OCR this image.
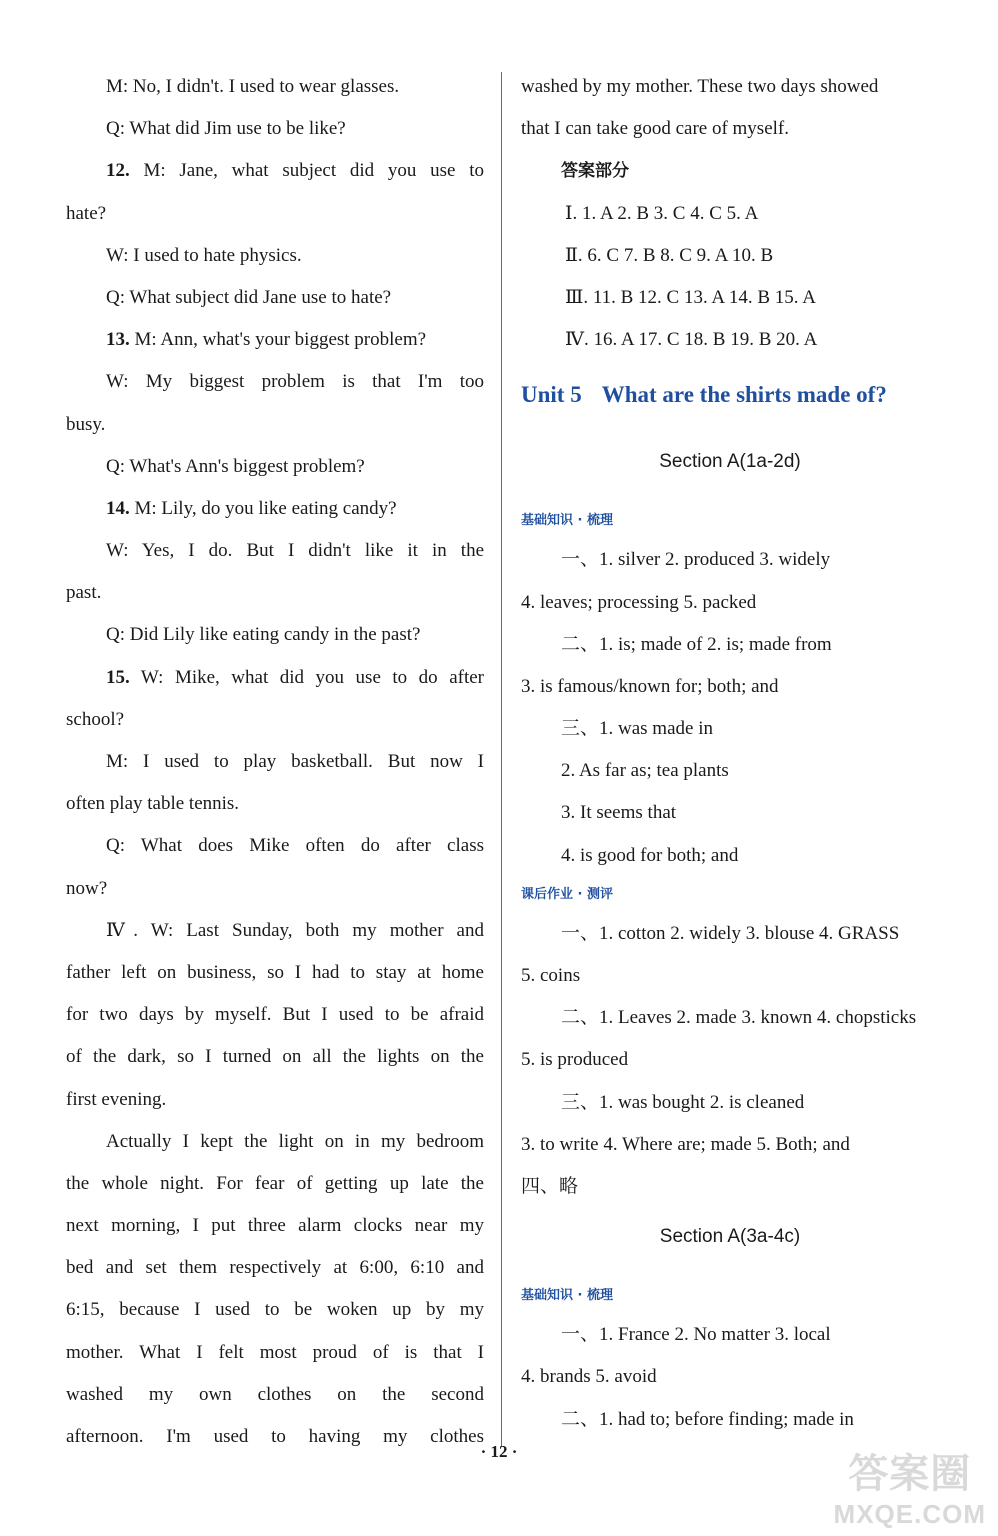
M: No, I didn't. I used to wear glasses.
Q: What did Jim use to be like?
12. M: Jane, what subject did you use to
hate?
W: I used to hate physics.
Q: What subject did Jane use to hate?
13. M: Ann, what's your biggest problem?
W: My biggest problem is that I'm too
busy.
Q: What's Ann's biggest problem?
14. M: Lily, do you like eating candy?
W: Yes, I do. But I didn't like it in the
past.
Q: Did Lily like eating candy in the past?
15. W: Mike, what did you use to do after
school?
M: I used to play basketball. But now I
often play table tennis.
Q: What does Mike often do after class
now?
Ⅳ. W: Last Sunday, both my mother and
father left on business, so I had to stay at home
for two days by myself. But I used to be afraid
of the dark, so I turned on all the lights on the
first evening.
Actually I kept the light on in my bedroom
the whole night. For fear of getting up late the
next morning, I put three alarm clocks near my
bed and set them respectively at 6:00, 6:10 and
6:15, because I used to be woken up by my
mother. What I felt most proud of is that I
washed my own clothes on the second
afternoon. I'm used to having my clothes
washed by my mother. These two days showed
that I can take good care of myself.
答案部分
Ⅰ. 1. A 2. B 3. C 4. C 5. A
Ⅱ. 6. C 7. B 8. C 9. A 10. B
Ⅲ. 11. B 12. C 13. A 14. B 15. A
Ⅳ. 16. A 17. C 18. B 19. B 20. A
Unit 5 What are the shirts made of?
Section A(1a-2d)
基础知识 · 梳理
一、1. silver 2. produced 3. widely
4. leaves; processing 5. packed
二、1. is; made of 2. is; made from
3. is famous/known for; both; and
三、1. was made in
2. As far as; tea plants
3. It seems that
4. is good for both; and
课后作业 · 测评
一、1. cotton 2. widely 3. blouse 4. GRASS
5. coins
二、1. Leaves 2. made 3. known 4. chopsticks
5. is produced
三、1. was bought 2. is cleaned
3. to write 4. Where are; made 5. Both; and
四、略
Section A(3a-4c)
基础知识 · 梳理
一、1. France 2. No matter 3. local
4. brands 5. avoid
二、1. had to; before finding; made in
· 12 ·
答案圈
MXQE.COM
